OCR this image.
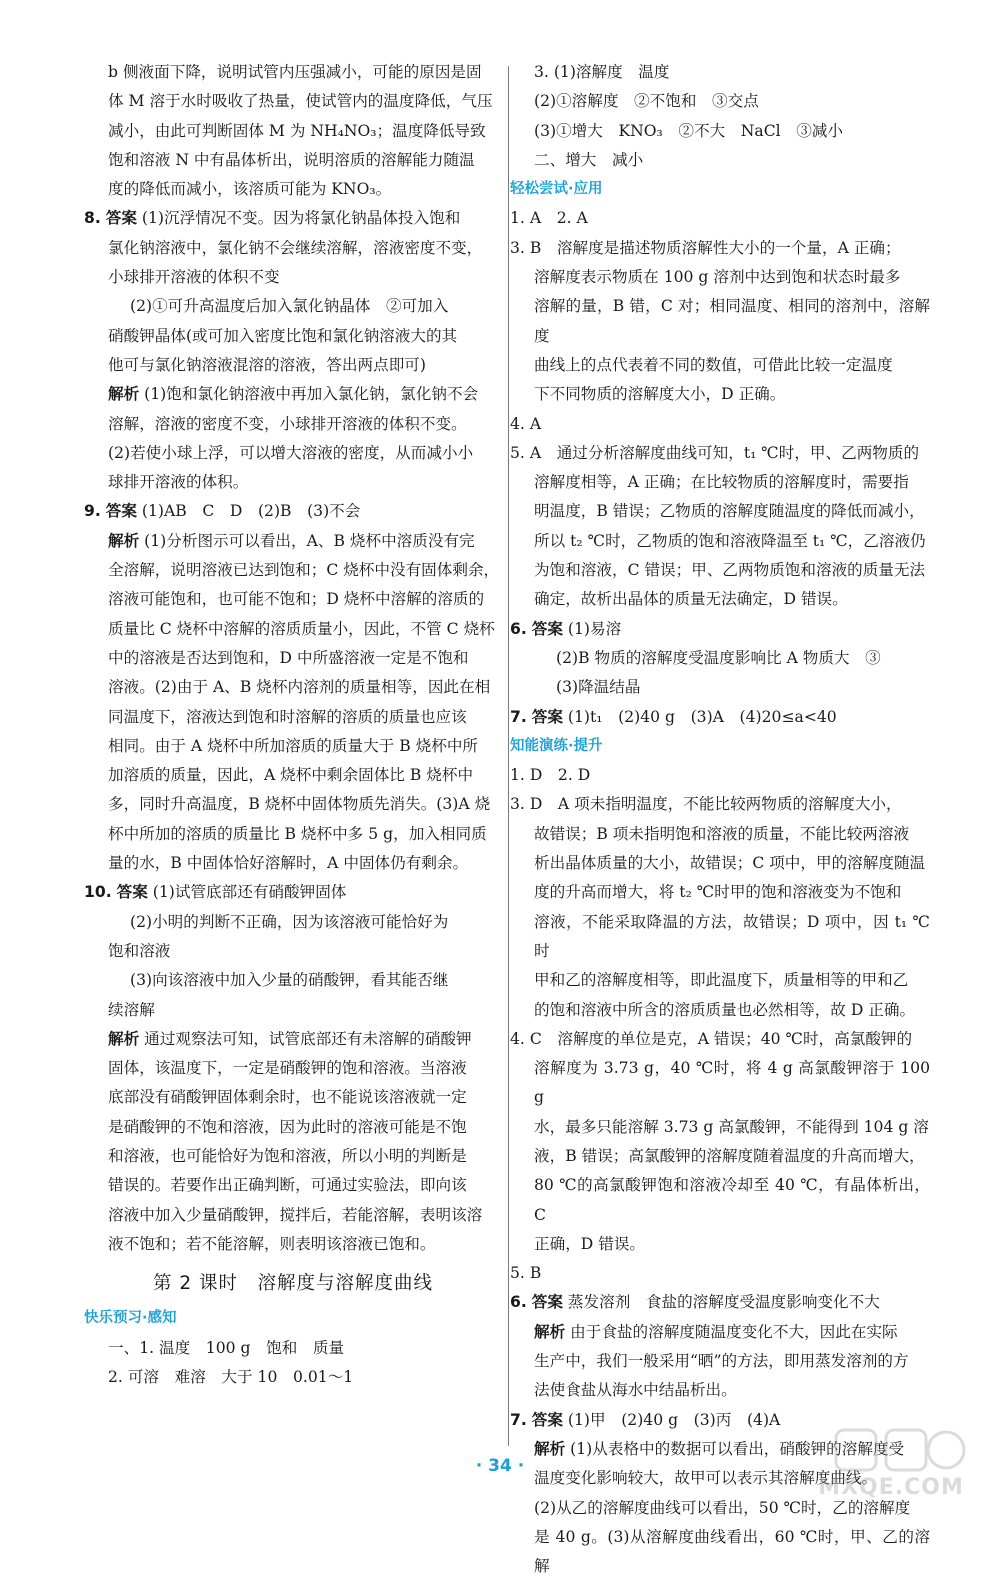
b 侧液面下降，说明试管内压强减小，可能的原因是固

体 M 溶于水时吸收了热量，使试管内的温度降低，气压

减小，由此可判断固体 M 为 NH₄NO₃；温度降低导致

饱和溶液 N 中有晶体析出，说明溶质的溶解能力随温

度的降低而减小，该溶质可能为 KNO₃。

8. 答案 (1)沉浮情况不变。因为将氯化钠晶体投入饱和

氯化钠溶液中，氯化钠不会继续溶解，溶液密度不变，

小球排开溶液的体积不变

(2)①可升高温度后加入氯化钠晶体　②可加入

硝酸钾晶体(或可加入密度比饱和氯化钠溶液大的其

他可与氯化钠溶液混溶的溶液，答出两点即可)

解析 (1)饱和氯化钠溶液中再加入氯化钠，氯化钠不会

溶解，溶液的密度不变，小球排开溶液的体积不变。

(2)若使小球上浮，可以增大溶液的密度，从而减小小

球排开溶液的体积。

9. 答案 (1)AB　C　D　(2)B　(3)不会

解析 (1)分析图示可以看出，A、B 烧杯中溶质没有完

全溶解，说明溶液已达到饱和；C 烧杯中没有固体剩余，

溶液可能饱和，也可能不饱和；D 烧杯中溶解的溶质的

质量比 C 烧杯中溶解的溶质质量小，因此，不管 C 烧杯

中的溶液是否达到饱和，D 中所盛溶液一定是不饱和

溶液。(2)由于 A、B 烧杯内溶剂的质量相等，因此在相

同温度下，溶液达到饱和时溶解的溶质的质量也应该

相同。由于 A 烧杯中所加溶质的质量大于 B 烧杯中所

加溶质的质量，因此，A 烧杯中剩余固体比 B 烧杯中

多，同时升高温度，B 烧杯中固体物质先消失。(3)A 烧

杯中所加的溶质的质量比 B 烧杯中多 5 g，加入相同质

量的水，B 中固体恰好溶解时，A 中固体仍有剩余。

10. 答案 (1)试管底部还有硝酸钾固体

(2)小明的判断不正确，因为该溶液可能恰好为

饱和溶液

(3)向该溶液中加入少量的硝酸钾，看其能否继

续溶解

解析 通过观察法可知，试管底部还有未溶解的硝酸钾

固体，该温度下，一定是硝酸钾的饱和溶液。当溶液

底部没有硝酸钾固体剩余时，也不能说该溶液就一定

是硝酸钾的不饱和溶液，因为此时的溶液可能是不饱

和溶液，也可能恰好为饱和溶液，所以小明的判断是

错误的。若要作出正确判断，可通过实验法，即向该

溶液中加入少量硝酸钾，搅拌后，若能溶解，表明该溶

液不饱和；若不能溶解，则表明该溶液已饱和。

第 2 课时　溶解度与溶解度曲线

快乐预习·感知

一、1. 温度　100 g　饱和　质量

2. 可溶　难溶　大于 10　0.01～1

3. (1)溶解度　温度

(2)①溶解度　②不饱和　③交点

(3)①增大　KNO₃　②不大　NaCl　③减小

二、增大　减小

轻松尝试·应用

1. A　2. A

3. B　溶解度是描述物质溶解性大小的一个量，A 正确；

溶解度表示物质在 100 g 溶剂中达到饱和状态时最多

溶解的量，B 错，C 对；相同温度、相同的溶剂中，溶解度

曲线上的点代表着不同的数值，可借此比较一定温度

下不同物质的溶解度大小，D 正确。

4. A

5. A　通过分析溶解度曲线可知，t₁ ℃时，甲、乙两物质的

溶解度相等，A 正确；在比较物质的溶解度时，需要指

明温度，B 错误；乙物质的溶解度随温度的降低而减小，

所以 t₂ ℃时，乙物质的饱和溶液降温至 t₁ ℃，乙溶液仍

为饱和溶液，C 错误；甲、乙两物质饱和溶液的质量无法

确定，故析出晶体的质量无法确定，D 错误。

6. 答案 (1)易溶

(2)B 物质的溶解度受温度影响比 A 物质大　③

(3)降温结晶

7. 答案 (1)t₁　(2)40 g　(3)A　(4)20≤a<40

知能演练·提升

1. D　2. D

3. D　A 项未指明温度，不能比较两物质的溶解度大小，

故错误；B 项未指明饱和溶液的质量，不能比较两溶液

析出晶体质量的大小，故错误；C 项中，甲的溶解度随温

度的升高而增大，将 t₂ ℃时甲的饱和溶液变为不饱和

溶液，不能采取降温的方法，故错误；D 项中，因 t₁ ℃时

甲和乙的溶解度相等，即此温度下，质量相等的甲和乙

的饱和溶液中所含的溶质质量也必然相等，故 D 正确。

4. C　溶解度的单位是克，A 错误；40 ℃时，高氯酸钾的

溶解度为 3.73 g，40 ℃时，将 4 g 高氯酸钾溶于 100 g

水，最多只能溶解 3.73 g 高氯酸钾，不能得到 104 g 溶

液，B 错误；高氯酸钾的溶解度随着温度的升高而增大，

80 ℃的高氯酸钾饱和溶液冷却至 40 ℃，有晶体析出，C

正确，D 错误。

5. B

6. 答案 蒸发溶剂　食盐的溶解度受温度影响变化不大

解析 由于食盐的溶解度随温度变化不大，因此在实际

生产中，我们一般采用“晒”的方法，即用蒸发溶剂的方

法使食盐从海水中结晶析出。

7. 答案 (1)甲　(2)40 g　(3)丙　(4)A

解析 (1)从表格中的数据可以看出，硝酸钾的溶解度受

温度变化影响较大，故甲可以表示其溶解度曲线。

(2)从乙的溶解度曲线可以看出，50 ℃时，乙的溶解度

是 40 g。(3)从溶解度曲线看出，60 ℃时，甲、乙的溶解

· 34 ·
MXQE.COM
